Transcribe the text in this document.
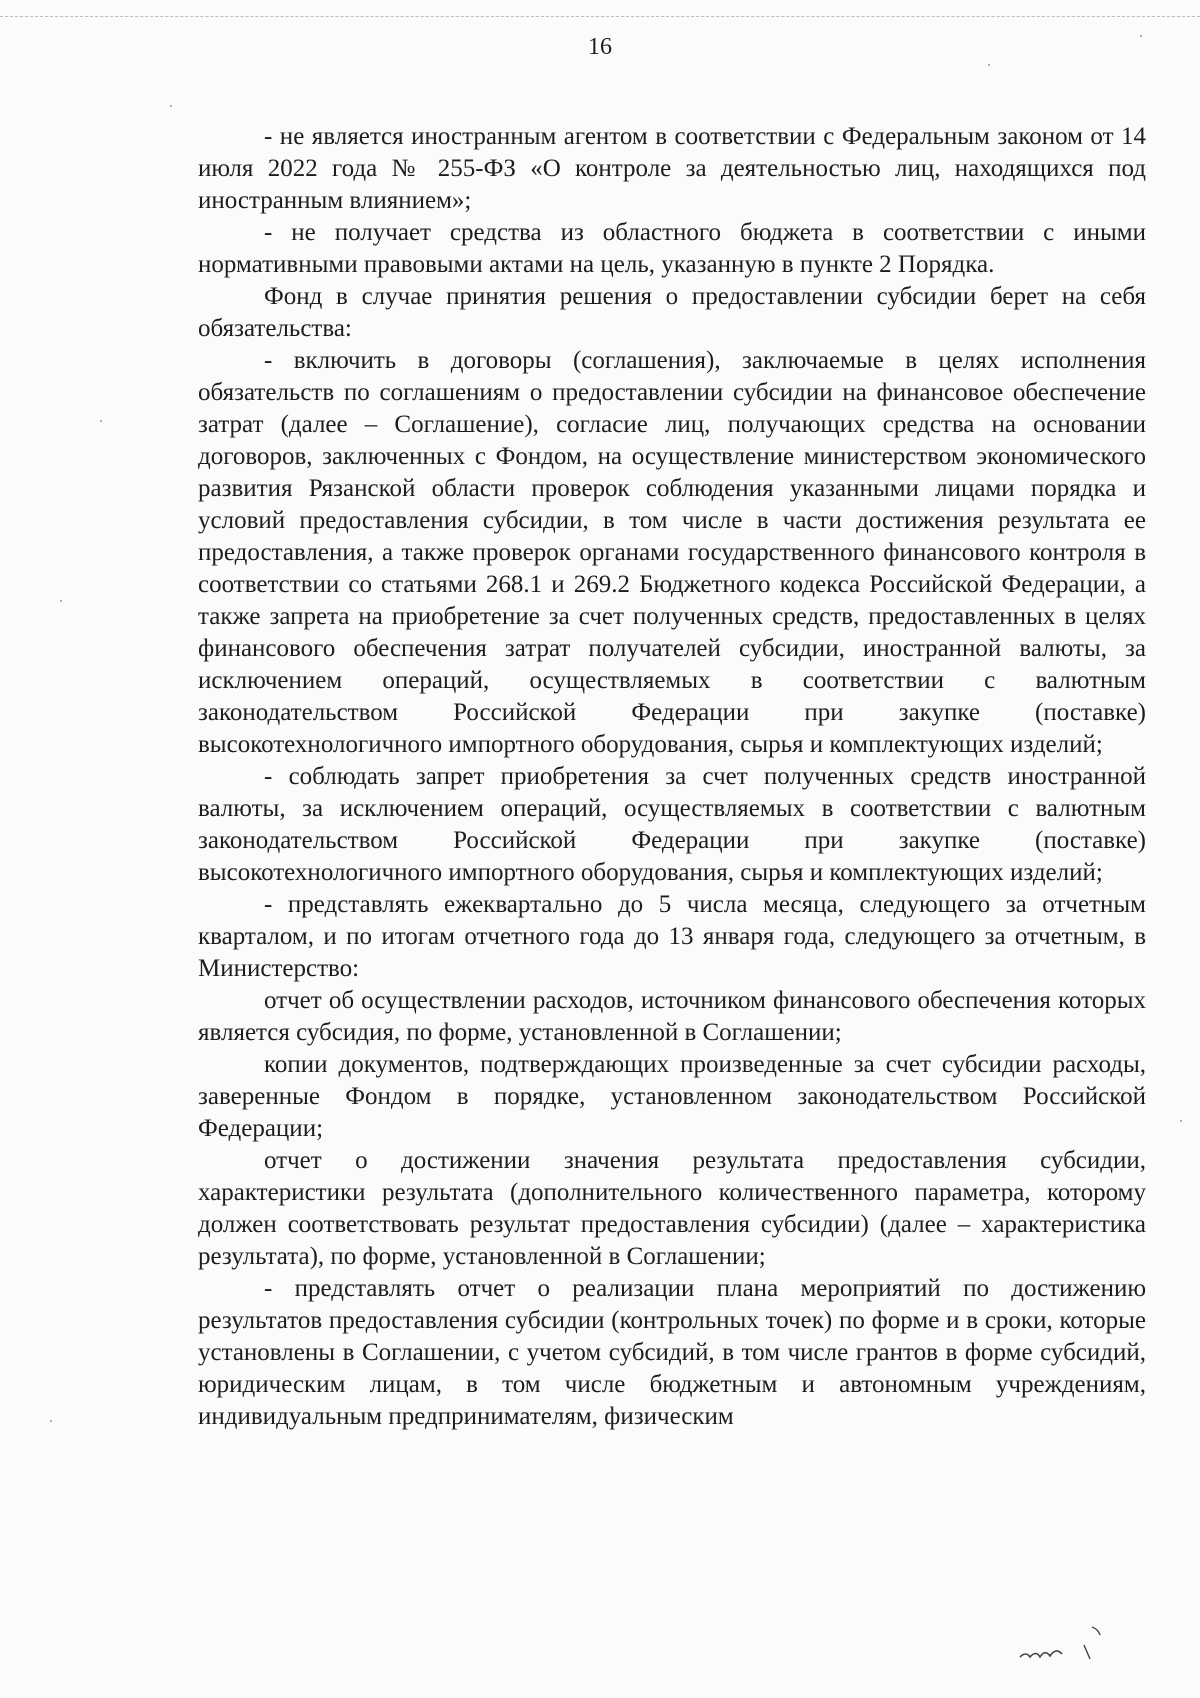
16

- не является иностранным агентом в соответствии с Федеральным законом от 14 июля 2022 года № 255-ФЗ «О контроле за деятельностью лиц, находящихся под иностранным влиянием»;

- не получает средства из областного бюджета в соответствии с иными нормативными правовыми актами на цель, указанную в пункте 2 Порядка.

Фонд в случае принятия решения о предоставлении субсидии берет на себя обязательства:

- включить в договоры (соглашения), заключаемые в целях исполнения обязательств по соглашениям о предоставлении субсидии на финансовое обеспечение затрат (далее – Соглашение), согласие лиц, получающих средства на основании договоров, заключенных с Фондом, на осуществление министерством экономического развития Рязанской области проверок соблюдения указанными лицами порядка и условий предоставления субсидии, в том числе в части достижения результата ее предоставления, а также проверок органами государственного финансового контроля в соответствии со статьями 268.1 и 269.2 Бюджетного кодекса Российской Федерации, а также запрета на приобретение за счет полученных средств, предоставленных в целях финансового обеспечения затрат получателей субсидии, иностранной валюты, за исключением операций, осуществляемых в соответствии с валютным законодательством Российской Федерации при закупке (поставке) высокотехнологичного импортного оборудования, сырья и комплектующих изделий;

- соблюдать запрет приобретения за счет полученных средств иностранной валюты, за исключением операций, осуществляемых в соответствии с валютным законодательством Российской Федерации при закупке (поставке) высокотехнологичного импортного оборудования, сырья и комплектующих изделий;

- представлять ежеквартально до 5 числа месяца, следующего за отчетным кварталом, и по итогам отчетного года до 13 января года, следующего за отчетным, в Министерство:

отчет об осуществлении расходов, источником финансового обеспечения которых является субсидия, по форме, установленной в Соглашении;

копии документов, подтверждающих произведенные за счет субсидии расходы, заверенные Фондом в порядке, установленном законодательством Российской Федерации;

отчет о достижении значения результата предоставления субсидии, характеристики результата (дополнительного количественного параметра, которому должен соответствовать результат предоставления субсидии) (далее – характеристика результата), по форме, установленной в Соглашении;

- представлять отчет о реализации плана мероприятий по достижению результатов предоставления субсидии (контрольных точек) по форме и в сроки, которые установлены в Соглашении, с учетом субсидий, в том числе грантов в форме субсидий, юридическим лицам, в том числе бюджетным и автономным учреждениям, индивидуальным предпринимателям, физическим
